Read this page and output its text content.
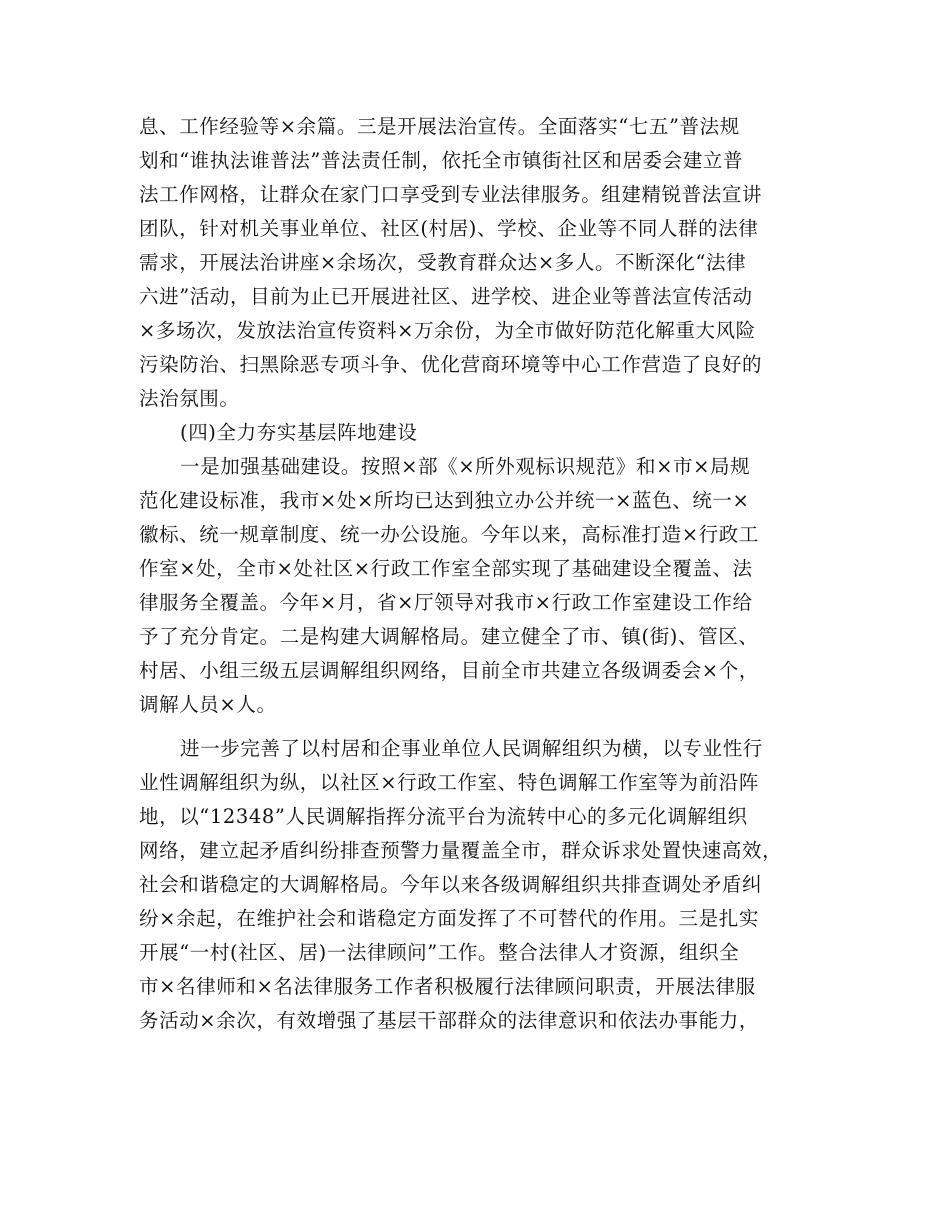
息、工作经验等×余篇。三是开展法治宣传。全面落实“七五”普法规
划和“谁执法谁普法”普法责任制，依托全市镇街社区和居委会建立普
法工作网格，让群众在家门口享受到专业法律服务。组建精锐普法宣讲
团队，针对机关事业单位、社区(村居)、学校、企业等不同人群的法律
需求，开展法治讲座×余场次，受教育群众达×多人。不断深化“法律
六进”活动，目前为止已开展进社区、进学校、进企业等普法宣传活动
×多场次，发放法治宣传资料×万余份，为全市做好防范化解重大风险
污染防治、扫黑除恶专项斗争、优化营商环境等中心工作营造了良好的
法治氛围。
(四)全力夯实基层阵地建设
一是加强基础建设。按照×部《×所外观标识规范》和×市×局规
范化建设标准，我市×处×所均已达到独立办公并统一×蓝色、统一×
徽标、统一规章制度、统一办公设施。今年以来，高标准打造×行政工
作室×处，全市×处社区×行政工作室全部实现了基础建设全覆盖、法
律服务全覆盖。今年×月，省×厅领导对我市×行政工作室建设工作给
予了充分肯定。二是构建大调解格局。建立健全了市、镇(街)、管区、
村居、小组三级五层调解组织网络，目前全市共建立各级调委会×个，
调解人员×人。
进一步完善了以村居和企事业单位人民调解组织为横，以专业性行
业性调解组织为纵，以社区×行政工作室、特色调解工作室等为前沿阵
地，以“12348”人民调解指挥分流平台为流转中心的多元化调解组织
网络，建立起矛盾纠纷排查预警力量覆盖全市，群众诉求处置快速高效，
社会和谐稳定的大调解格局。今年以来各级调解组织共排查调处矛盾纠
纷×余起，在维护社会和谐稳定方面发挥了不可替代的作用。三是扎实
开展“一村(社区、居)一法律顾问”工作。整合法律人才资源，组织全
市×名律师和×名法律服务工作者积极履行法律顾问职责，开展法律服
务活动×余次，有效增强了基层干部群众的法律意识和依法办事能力，
